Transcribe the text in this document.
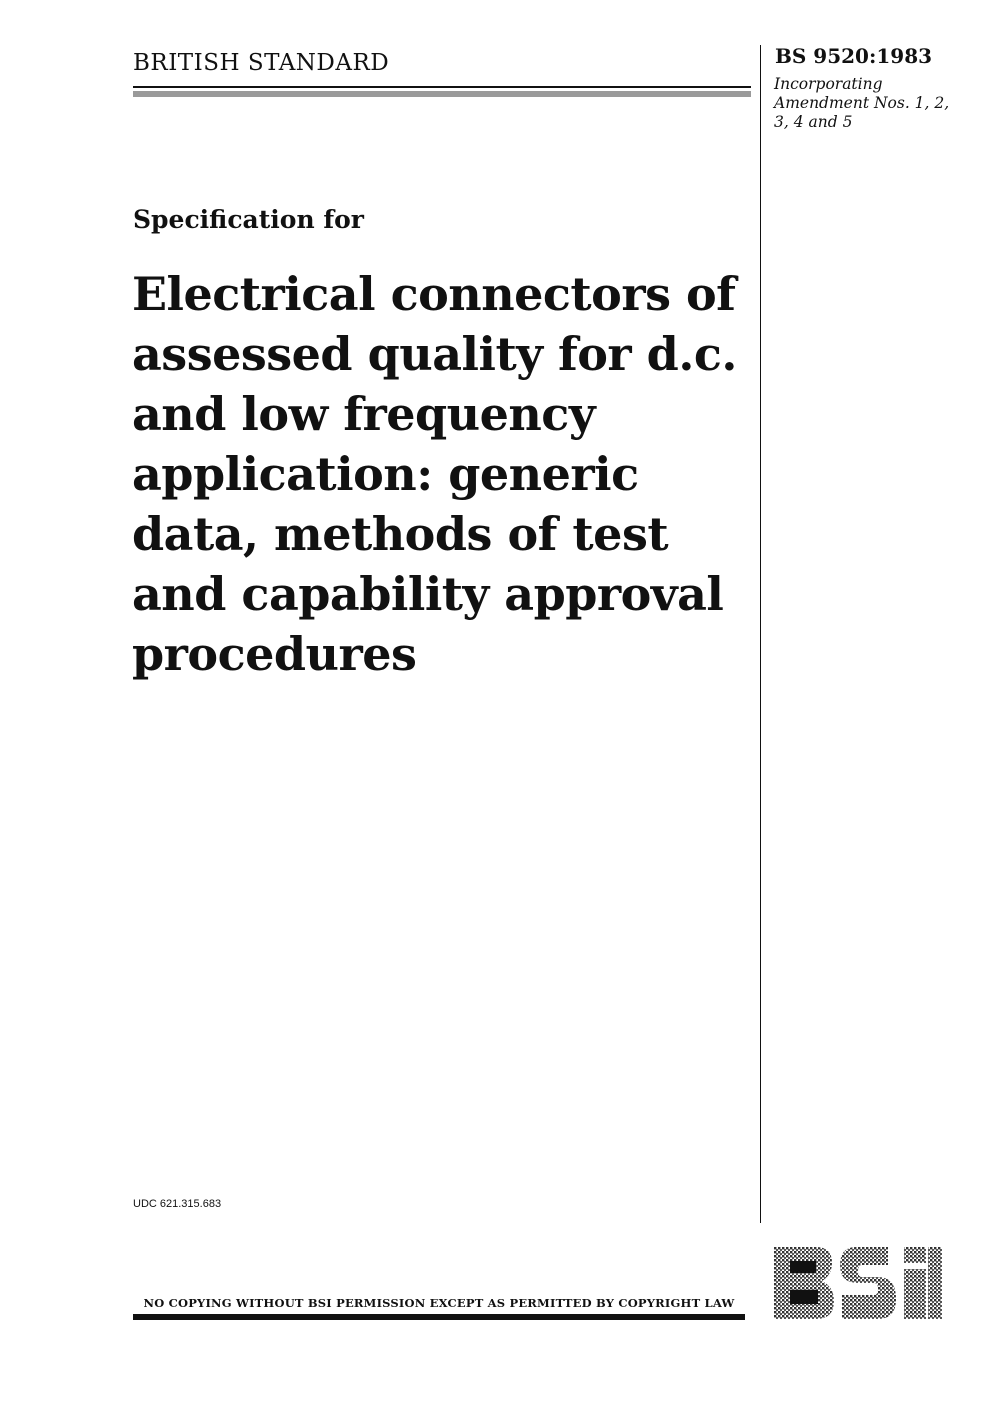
BRITISH STANDARD	BS 9520:1983
Incorporating Amendment Nos. 1, 2, 3, 4 and 5
Specification for
Electrical connectors of assessed quality for d.c. and low frequency application: generic data, methods of test and capability approval procedures
UDC 621.315.683
NO COPYING WITHOUT BSI PERMISSION EXCEPT AS PERMITTED BY COPYRIGHT LAW
